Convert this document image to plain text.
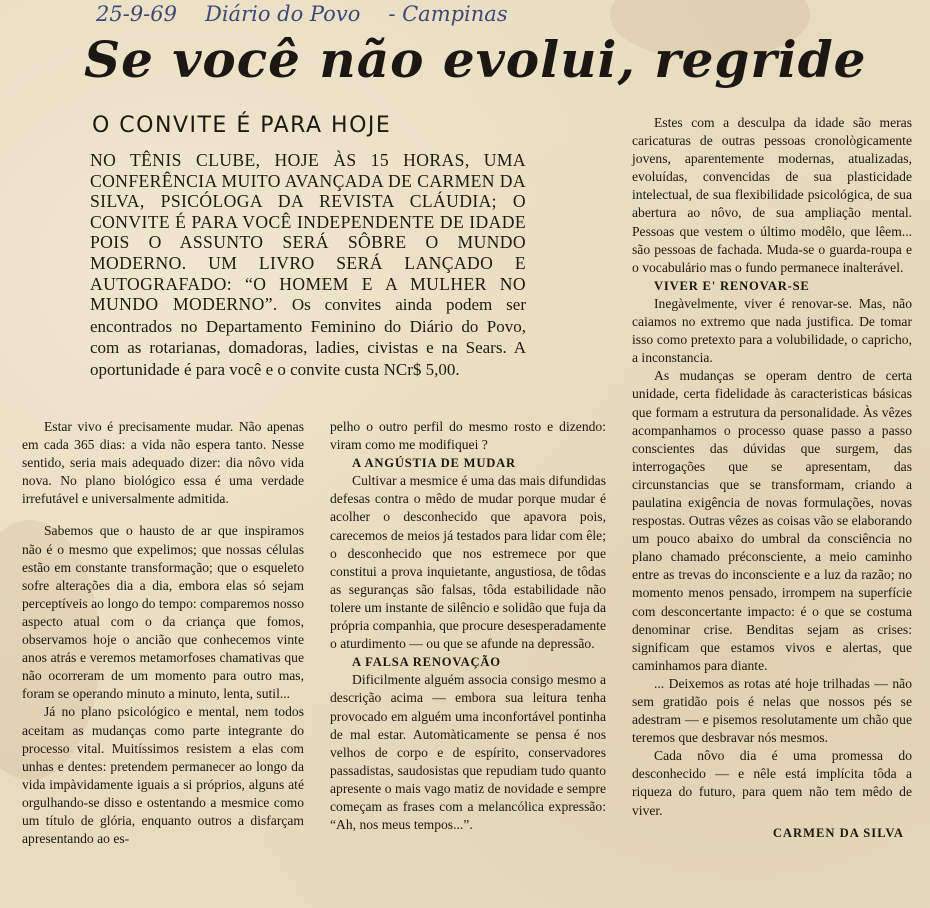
25-9-69 Diário do Povo - Campinas
Se você não evolui, regride
O CONVITE É PARA HOJE
NO TÊNIS CLUBE, HOJE ÀS 15 HORAS, UMA CONFERÊNCIA MUITO AVANÇADA DE CARMEN DA SILVA, PSICÓLOGA DA REVISTA CLÁUDIA; O CONVITE É PARA VOCÊ INDEPENDENTE DE IDADE POIS O ASSUNTO SERÁ SÔBRE O MUNDO MODERNO. UM LIVRO SERÁ LANÇADO E AUTOGRAFADO: “O HOMEM E A MULHER NO MUNDO MODERNO”. Os convites ainda podem ser encontrados no Departamento Feminino do Diário do Povo, com as rotarianas, domadoras, ladies, civistas e na Sears. A oportunidade é para você e o convite custa NCr$ 5,00.

Estar vivo é precisamente mudar. Não apenas em cada 365 dias: a vida não espera tanto. Nesse sentido, seria mais adequado dizer: dia nôvo vida nova. No plano biológico essa é uma verdade irrefutável e universalmente admitida.

Sabemos que o hausto de ar que inspiramos não é o mesmo que expelimos; que nossas células estão em constante transformação; que o esqueleto sofre alterações dia a dia, embora elas só sejam perceptíveis ao longo do tempo: comparemos nosso aspecto atual com o da criança que fomos, observamos hoje o ancião que conhecemos vinte anos atrás e veremos metamorfoses chamativas que não ocorreram de um momento para outro mas, foram se operando minuto a minuto, lenta, sutil...

Já no plano psicológico e mental, nem todos aceitam as mudanças como parte integrante do processo vital. Muitíssimos resistem a elas com unhas e dentes: pretendem permanecer ao longo da vida impàvidamente iguais a si próprios, alguns até orgulhando-se disso e ostentando a mesmice como um título de glória, enquanto outros a disfarçam apresentando ao es-

pelho o outro perfil do mesmo rosto e dizendo: viram como me modifiquei ?

A ANGÚSTIA DE MUDAR

Cultivar a mesmice é uma das mais difundidas defesas contra o mêdo de mudar porque mudar é acolher o desconhecido que apavora pois, carecemos de meios já testados para lidar com êle; o desconhecido que nos estremece por que constitui a prova inquietante, angustiosa, de tôdas as seguranças são falsas, tôda estabilidade não tolere um instante de silêncio e solidão que fuja da própria companhia, que procure desesperadamente o aturdimento — ou que se afunde na depressão.

A FALSA RENOVAÇÃO

Dificilmente alguém associa consigo mesmo a descrição acima — embora sua leitura tenha provocado em alguém uma inconfortável pontinha de mal estar. Automàticamente se pensa é nos velhos de corpo e de espírito, conservadores passadistas, saudosistas que repudiam tudo quanto apresente o mais vago matiz de novidade e sempre começam as frases com a melancólica expressão: “Ah, nos meus tempos...”.

Estes com a desculpa da idade são meras caricaturas de outras pessoas cronològicamente jovens, aparentemente modernas, atualizadas, evoluídas, convencidas de sua plasticidade intelectual, de sua flexibilidade psicológica, de sua abertura ao nôvo, de sua ampliação mental. Pessoas que vestem o último modêlo, que lêem... são pessoas de fachada. Muda-se o guarda-roupa e o vocabulário mas o fundo permanece inalterável.

VIVER E' RENOVAR-SE

Inegàvelmente, viver é renovar-se. Mas, não caiamos no extremo que nada justifica. De tomar isso como pretexto para a volubilidade, o capricho, a inconstancia.

As mudanças se operam dentro de certa unidade, certa fidelidade às caracteristicas básicas que formam a estrutura da personalidade. Às vêzes acompanhamos o processo quase passo a passo conscientes das dúvidas que surgem, das interrogações que se apresentam, das circunstancias que se transformam, criando a paulatina exigência de novas formulações, novas respostas. Outras vêzes as coisas vão se elaborando um pouco abaixo do umbral da consciência no plano chamado préconsciente, a meio caminho entre as trevas do inconsciente e a luz da razão; no momento menos pensado, irrompem na superfície com desconcertante impacto: é o que se costuma denominar crise. Benditas sejam as crises: significam que estamos vivos e alertas, que caminhamos para diante.

... Deixemos as rotas até hoje trilhadas — não sem gratidão pois é nelas que nossos pés se adestram — e pisemos resolutamente um chão que teremos que desbravar nós mesmos.

Cada nôvo dia é uma promessa do desconhecido — e nêle está implícita tôda a riqueza do futuro, para quem não tem mêdo de viver.

CARMEN DA SILVA
